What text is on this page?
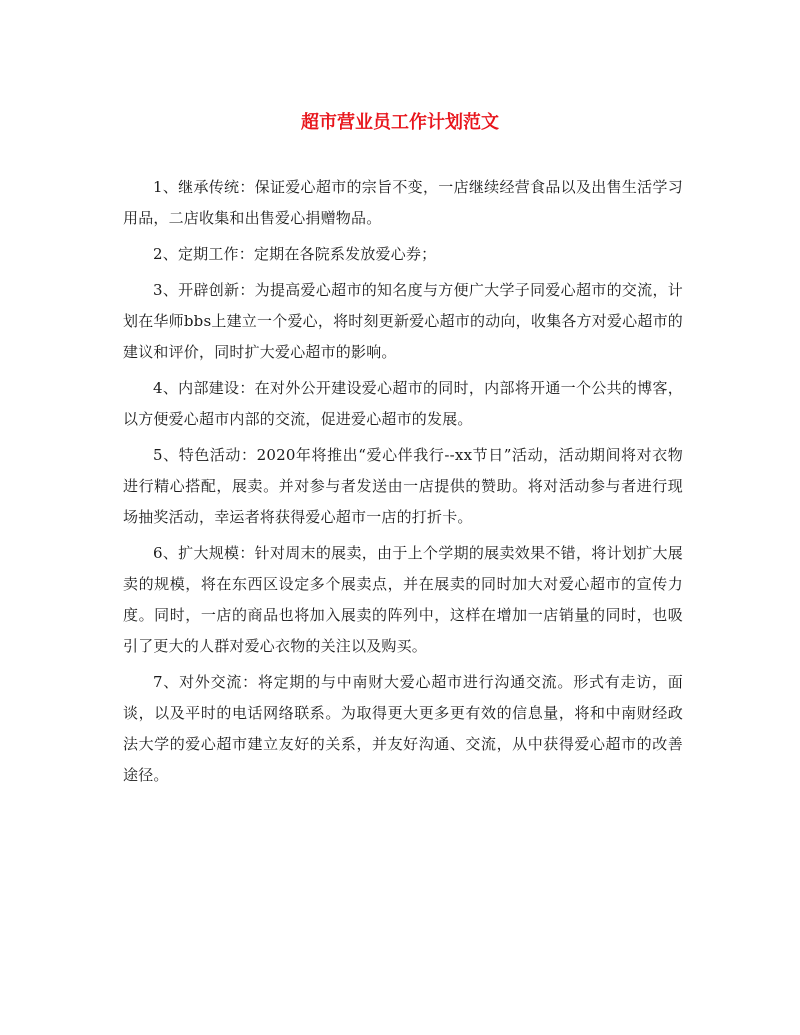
超市营业员工作计划范文

1、继承传统：保证爱心超市的宗旨不变，一店继续经营食品以及出售生活学习用品，二店收集和出售爱心捐赠物品。

2、定期工作：定期在各院系发放爱心券；

3、开辟创新：为提高爱心超市的知名度与方便广大学子同爱心超市的交流，计划在华师bbs上建立一个爱心，将时刻更新爱心超市的动向，收集各方对爱心超市的建议和评价，同时扩大爱心超市的影响。

4、内部建设：在对外公开建设爱心超市的同时，内部将开通一个公共的博客，以方便爱心超市内部的交流，促进爱心超市的发展。

5、特色活动：2020年将推出“爱心伴我行--xx节日”活动，活动期间将对衣物进行精心搭配，展卖。并对参与者发送由一店提供的赞助。将对活动参与者进行现场抽奖活动，幸运者将获得爱心超市一店的打折卡。

6、扩大规模：针对周末的展卖，由于上个学期的展卖效果不错，将计划扩大展卖的规模，将在东西区设定多个展卖点，并在展卖的同时加大对爱心超市的宣传力度。同时，一店的商品也将加入展卖的阵列中，这样在增加一店销量的同时，也吸引了更大的人群对爱心衣物的关注以及购买。

7、对外交流：将定期的与中南财大爱心超市进行沟通交流。形式有走访，面谈，以及平时的电话网络联系。为取得更大更多更有效的信息量，将和中南财经政法大学的爱心超市建立友好的关系，并友好沟通、交流，从中获得爱心超市的改善途径。
